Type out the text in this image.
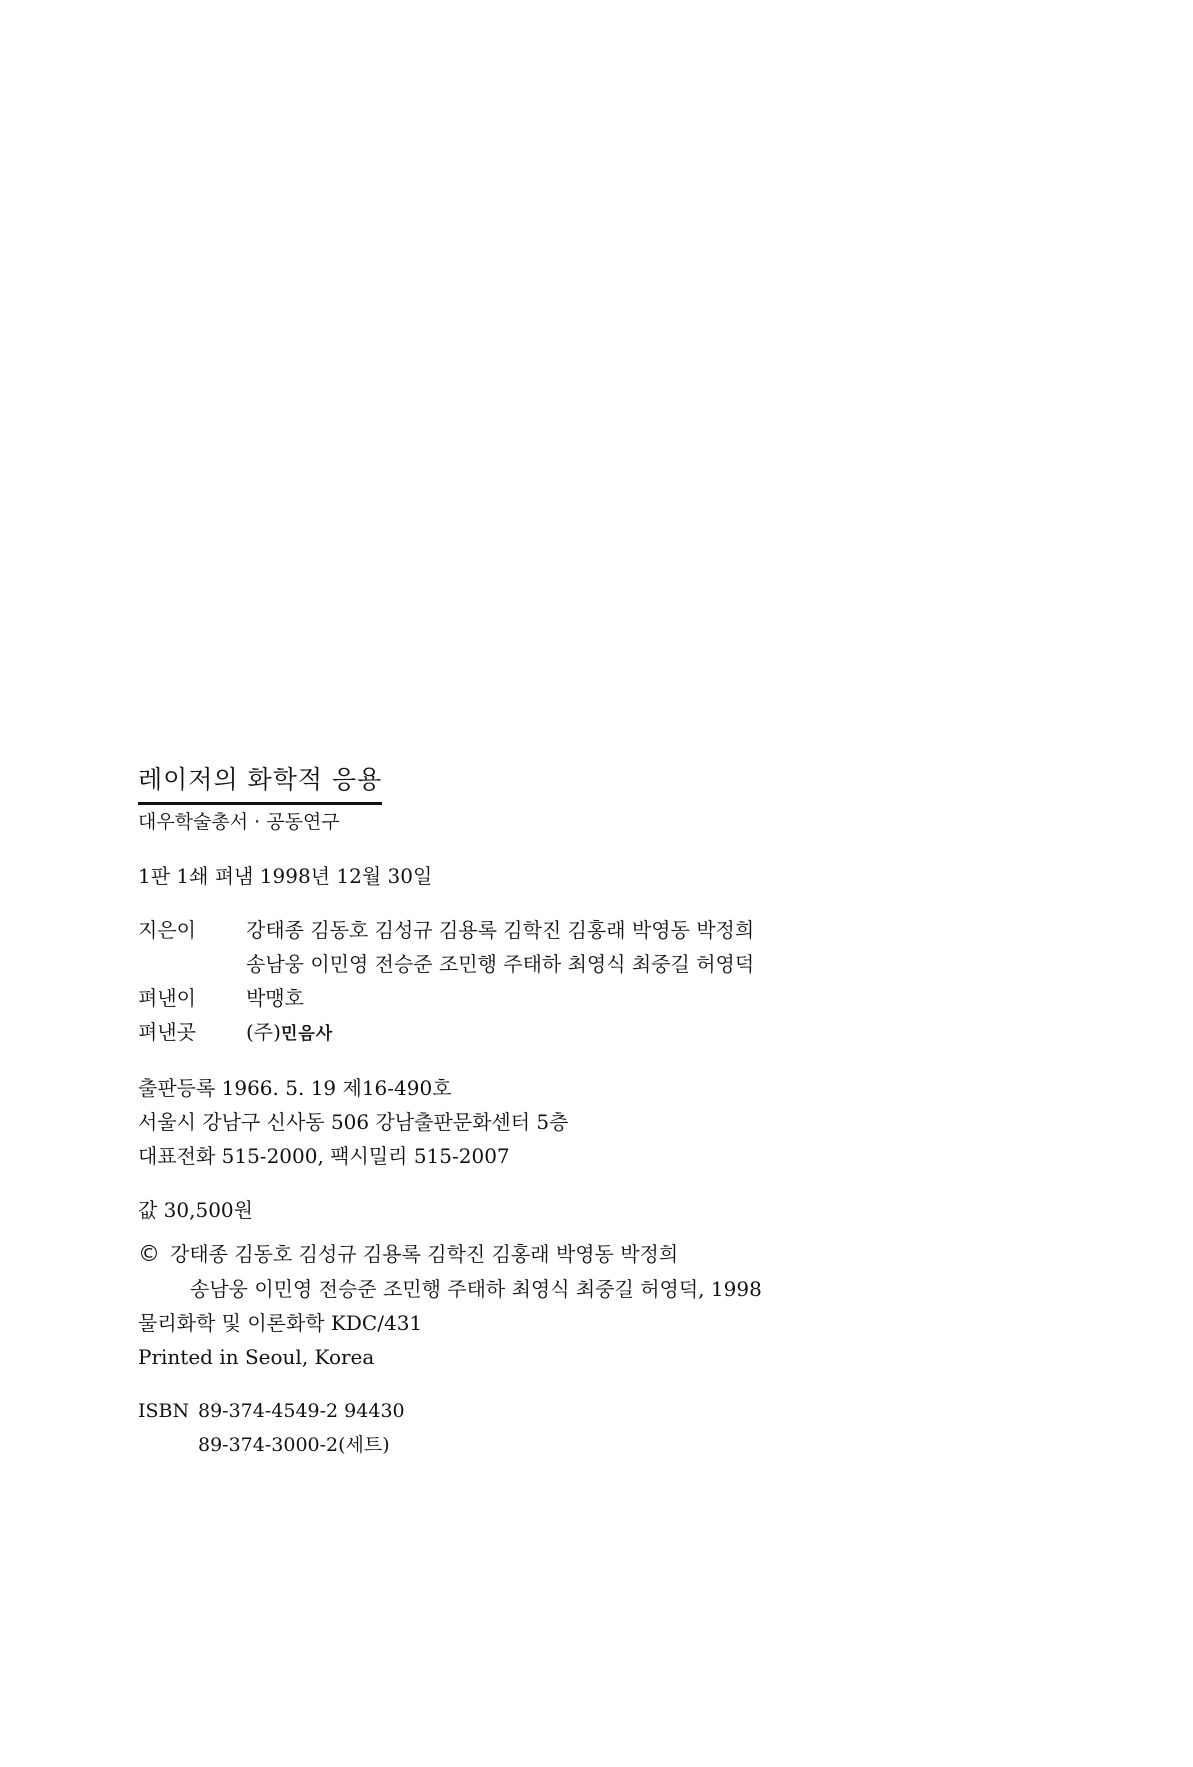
레이저의 화학적 응용

대우학술총서 · 공동연구

1판 1쇄 펴냄 1998년 12월 30일

지은이	강태종 김동호 김성규 김용록 김학진 김홍래 박영동 박정희
송남웅 이민영 전승준 조민행 주태하 최영식 최중길 허영덕
펴낸이	박맹호
펴낸곳	(주)민음사

출판등록 1966. 5. 19 제16-490호

서울시 강남구 신사동 506 강남출판문화센터 5층

대표전화 515-2000, 팩시밀리 515-2007

값 30,500원

© 강태종 김동호 김성규 김용록 김학진 김홍래 박영동 박정희

송남웅 이민영 전승준 조민행 주태하 최영식 최중길 허영덕, 1998

물리화학 및 이론화학 KDC/431

Printed in Seoul, Korea

ISBN 89-374-4549-2 94430
89-374-3000-2(세트)
